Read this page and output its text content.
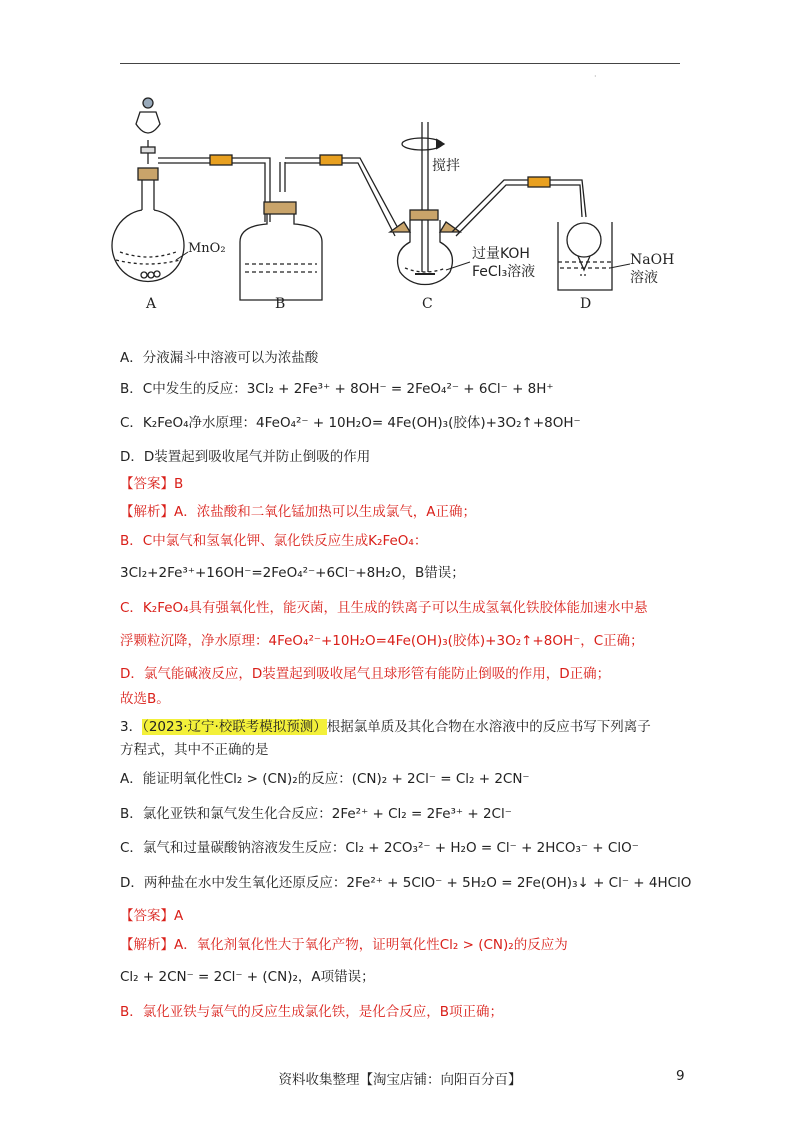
·
MnO₂
搅拌
过量KOH
FeCl₃溶液
NaOH
溶液
A	B	C	D
A．分液漏斗中溶液可以为浓盐酸
B．C中发生的反应：3Cl₂ + 2Fe³⁺ + 8OH⁻ = 2FeO₄²⁻ + 6Cl⁻ + 8H⁺
C．K₂FeO₄净水原理：4FeO₄²⁻ + 10H₂O= 4Fe(OH)₃(胶体)+3O₂↑+8OH⁻
D．D装置起到吸收尾气并防止倒吸的作用
【答案】B
【解析】A．浓盐酸和二氧化锰加热可以生成氯气，A正确；
B．C中氯气和氢氧化钾、氯化铁反应生成K₂FeO₄：
3Cl₂+2Fe³⁺+16OH⁻=2FeO₄²⁻+6Cl⁻+8H₂O，B错误；
C．K₂FeO₄具有强氧化性，能灭菌，且生成的铁离子可以生成氢氧化铁胶体能加速水中悬
浮颗粒沉降，净水原理：4FeO₄²⁻+10H₂O=4Fe(OH)₃(胶体)+3O₂↑+8OH⁻，C正确；
D．氯气能碱液反应，D装置起到吸收尾气且球形管有能防止倒吸的作用，D正确；
故选B。
3．（2023·辽宁·校联考模拟预测）根据氯单质及其化合物在水溶液中的反应书写下列离子
方程式，其中不正确的是
A．能证明氧化性Cl₂ > (CN)₂的反应：(CN)₂ + 2Cl⁻ = Cl₂ + 2CN⁻
B．氯化亚铁和氯气发生化合反应：2Fe²⁺ + Cl₂ = 2Fe³⁺ + 2Cl⁻
C．氯气和过量碳酸钠溶液发生反应：Cl₂ + 2CO₃²⁻ + H₂O = Cl⁻ + 2HCO₃⁻ + ClO⁻
D．两种盐在水中发生氧化还原反应：2Fe²⁺ + 5ClO⁻ + 5H₂O = 2Fe(OH)₃↓ + Cl⁻ + 4HClO
【答案】A
【解析】A．氧化剂氧化性大于氧化产物，证明氧化性Cl₂ > (CN)₂的反应为
Cl₂ + 2CN⁻ = 2Cl⁻ + (CN)₂，A项错误；
B．氯化亚铁与氯气的反应生成氯化铁，是化合反应，B项正确；
资料收集整理【淘宝店铺：向阳百分百】	9
